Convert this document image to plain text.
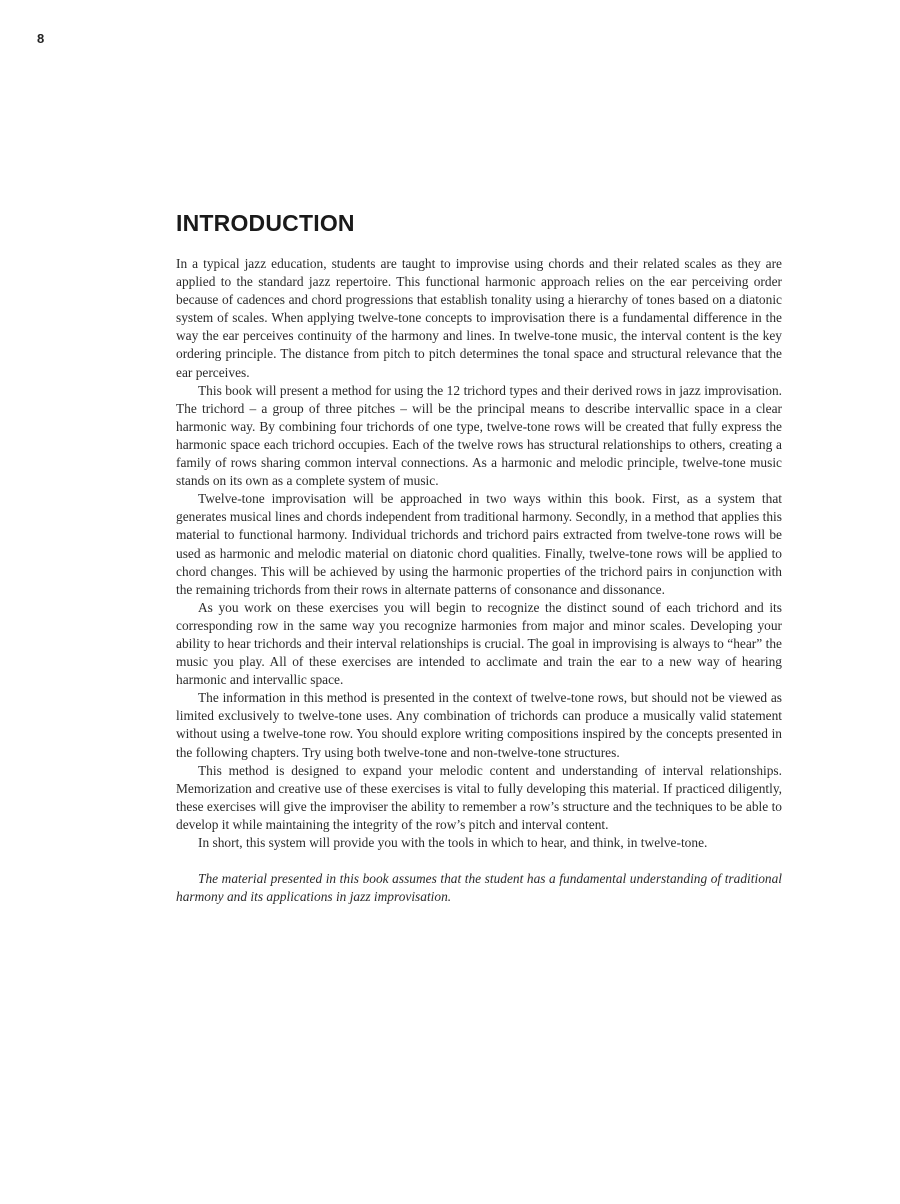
8
INTRODUCTION

In a typical jazz education, students are taught to improvise using chords and their related scales as they are applied to the standard jazz repertoire. This functional harmonic approach relies on the ear perceiving order because of cadences and chord progressions that establish tonality using a hierarchy of tones based on a diatonic system of scales. When applying twelve-tone concepts to improvisation there is a fundamental difference in the way the ear perceives continuity of the harmony and lines. In twelve-tone music, the interval content is the key ordering principle. The distance from pitch to pitch determines the tonal space and structural relevance that the ear perceives.

This book will present a method for using the 12 trichord types and their derived rows in jazz improvisation. The trichord – a group of three pitches – will be the principal means to describe intervallic space in a clear harmonic way. By combining four trichords of one type, twelve-tone rows will be created that fully express the harmonic space each trichord occupies. Each of the twelve rows has structural relationships to others, creating a family of rows sharing common interval connections. As a harmonic and melodic principle, twelve-tone music stands on its own as a complete system of music.

Twelve-tone improvisation will be approached in two ways within this book. First, as a system that generates musical lines and chords independent from traditional harmony. Secondly, in a method that applies this material to functional harmony. Individual trichords and trichord pairs extracted from twelve-tone rows will be used as harmonic and melodic material on diatonic chord qualities. Finally, twelve-tone rows will be applied to chord changes. This will be achieved by using the harmonic properties of the trichord pairs in conjunction with the remaining trichords from their rows in alternate patterns of consonance and dissonance.

As you work on these exercises you will begin to recognize the distinct sound of each trichord and its corresponding row in the same way you recognize harmonies from major and minor scales. Developing your ability to hear trichords and their interval relationships is crucial. The goal in improvising is always to “hear” the music you play. All of these exercises are intended to acclimate and train the ear to a new way of hearing harmonic and intervallic space.

The information in this method is presented in the context of twelve-tone rows, but should not be viewed as limited exclusively to twelve-tone uses. Any combination of trichords can produce a musically valid statement without using a twelve-tone row. You should explore writing compositions inspired by the concepts presented in the following chapters. Try using both twelve-tone and non-twelve-tone structures.

This method is designed to expand your melodic content and understanding of interval relationships. Memorization and creative use of these exercises is vital to fully developing this material. If practiced diligently, these exercises will give the improviser the ability to remember a row’s structure and the techniques to be able to develop it while maintaining the integrity of the row’s pitch and interval content.

In short, this system will provide you with the tools in which to hear, and think, in twelve-tone.

The material presented in this book assumes that the student has a fundamental understanding of traditional harmony and its applications in jazz improvisation.
